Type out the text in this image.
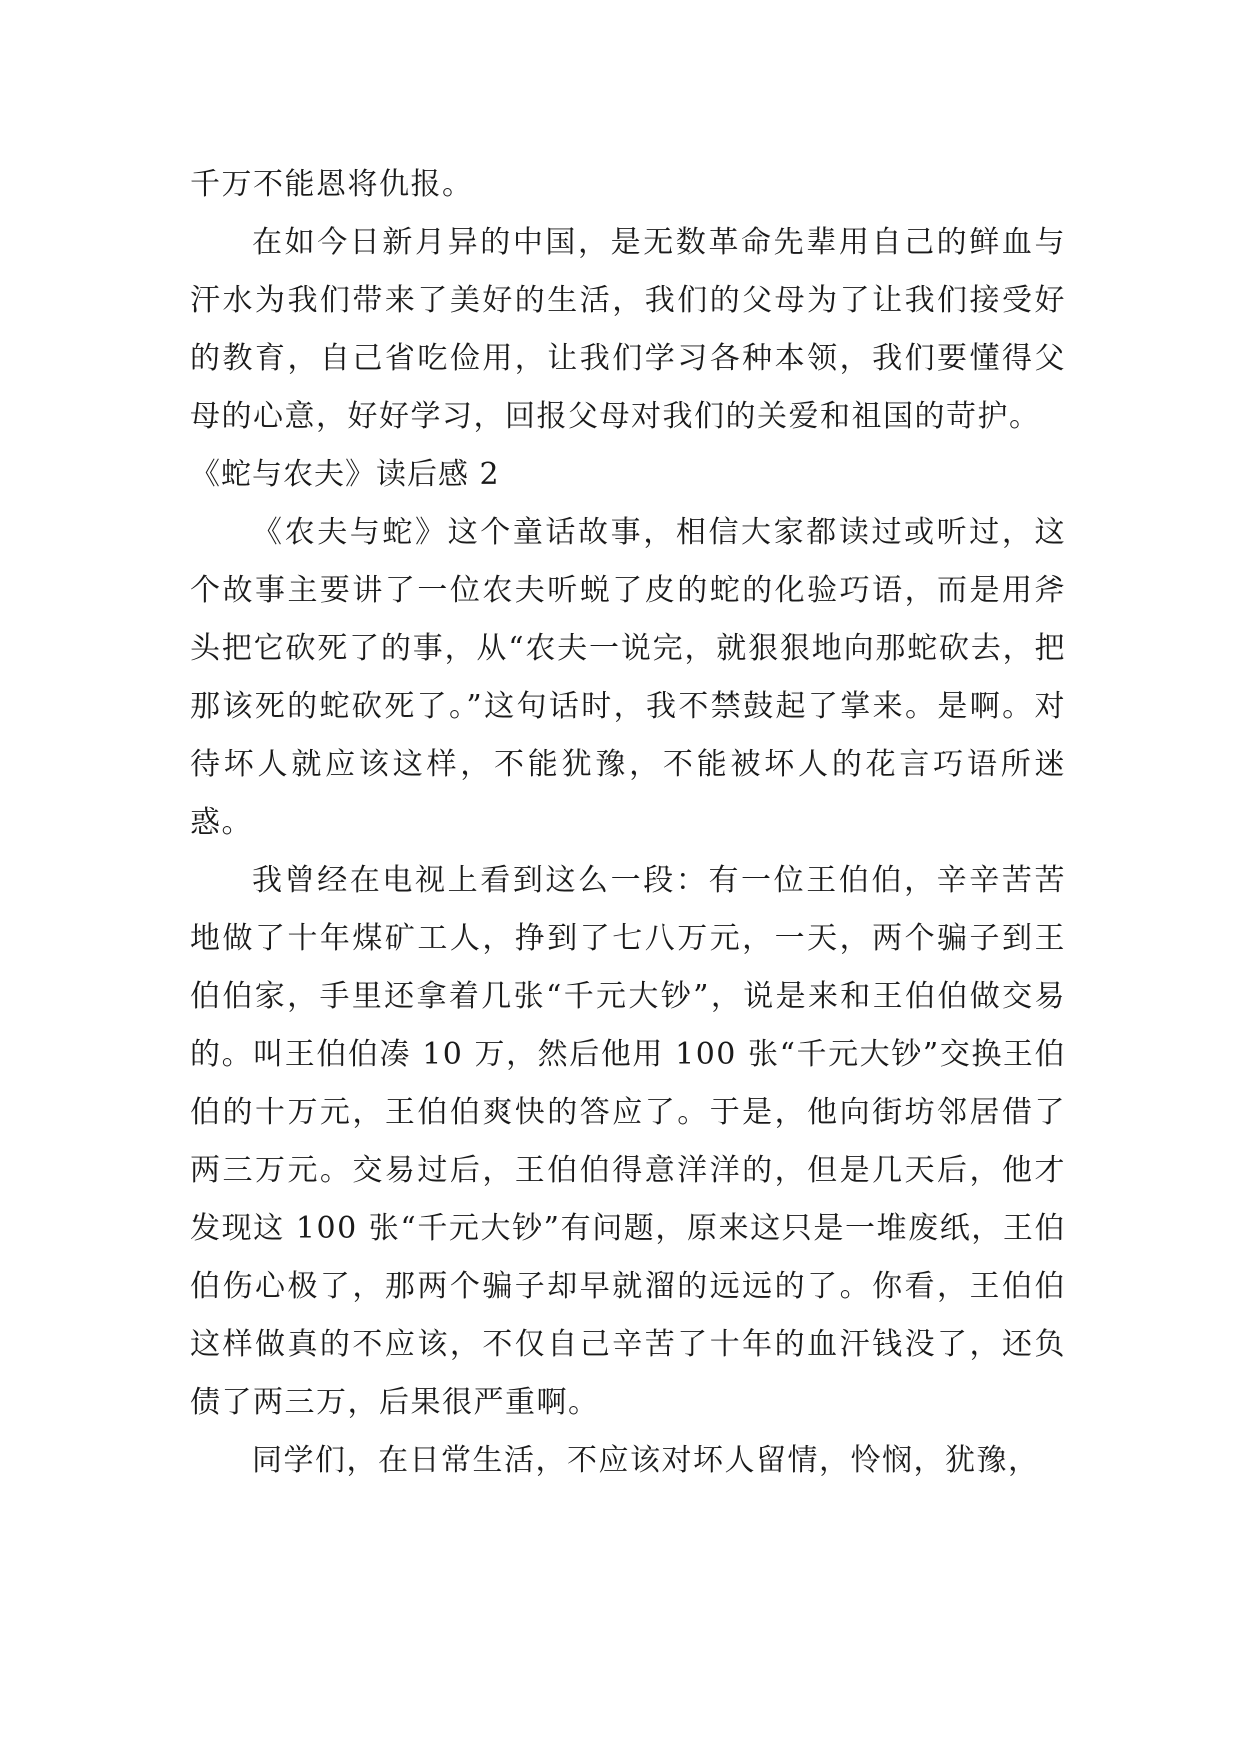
千万不能恩将仇报。

在如今日新月异的中国，是无数革命先辈用自己的鲜血与汗水为我们带来了美好的生活，我们的父母为了让我们接受好的教育，自己省吃俭用，让我们学习各种本领，我们要懂得父母的心意，好好学习，回报父母对我们的关爱和祖国的苛护。

《蛇与农夫》读后感 2

《农夫与蛇》这个童话故事，相信大家都读过或听过，这个故事主要讲了一位农夫听蜕了皮的蛇的化验巧语，而是用斧头把它砍死了的事，从“农夫一说完，就狠狠地向那蛇砍去，把那该死的蛇砍死了。”这句话时，我不禁鼓起了掌来。是啊。对待坏人就应该这样，不能犹豫，不能被坏人的花言巧语所迷惑。

我曾经在电视上看到这么一段：有一位王伯伯，辛辛苦苦地做了十年煤矿工人，挣到了七八万元，一天，两个骗子到王伯伯家，手里还拿着几张“千元大钞”，说是来和王伯伯做交易的。叫王伯伯凑 10 万，然后他用 100 张“千元大钞”交换王伯伯的十万元，王伯伯爽快的答应了。于是，他向街坊邻居借了两三万元。交易过后，王伯伯得意洋洋的，但是几天后，他才发现这 100 张“千元大钞”有问题，原来这只是一堆废纸，王伯伯伤心极了，那两个骗子却早就溜的远远的了。你看，王伯伯这样做真的不应该，不仅自己辛苦了十年的血汗钱没了，还负债了两三万，后果很严重啊。

同学们，在日常生活，不应该对坏人留情，怜悯，犹豫，
